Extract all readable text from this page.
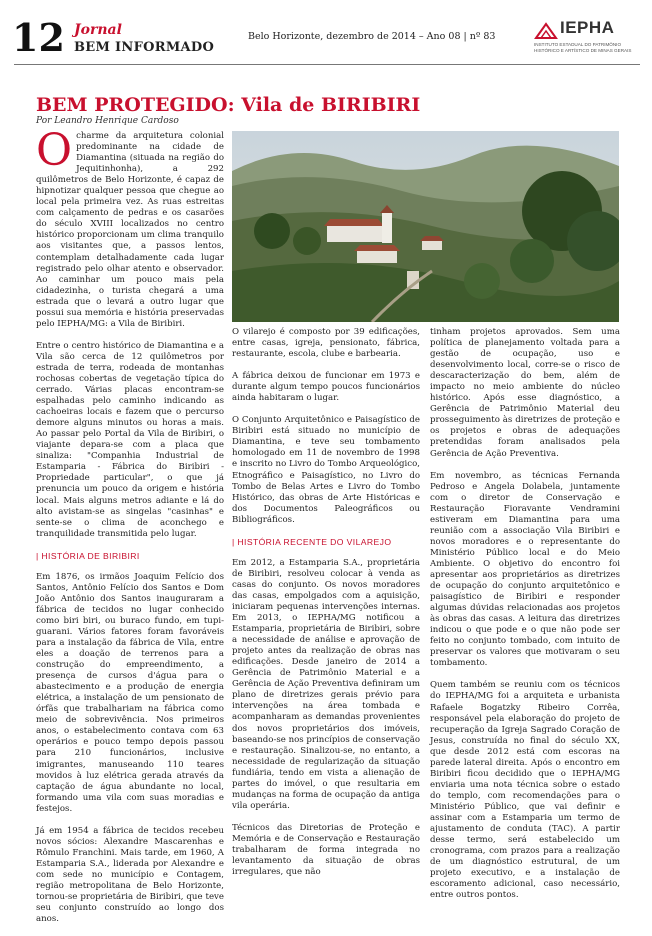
12 Jornal
BEM INFORMADO
Belo Horizonte, dezembro de 2014 – Ano 08 | nº 83	IEPHA
INSTITUTO ESTADUAL DO PATRIMÔNIO HISTÓRICO E ARTÍSTICO DE MINAS GERAIS
BEM PROTEGIDO: Vila de BIRIBIRI
Por Leandro Henrique Cardoso

Ocharme da arquitetura colonial predominante na cidade de Diamantina (situada na região do Jequitinhonha), a 292 quilômetros de Belo Horizonte, é capaz de hipnotizar qualquer pessoa que chegue ao local pela primeira vez. As ruas estreitas com calçamento de pedras e os casarões do século XVIII localizados no centro histórico proporcionam um clima tranquilo aos visitantes que, a passos lentos, contemplam detalhadamente cada lugar registrado pelo olhar atento e observador. Ao caminhar um pouco mais pela cidadezinha, o turista chegará a uma estrada que o levará a outro lugar que possui sua memória e história preservadas pelo IEPHA/MG: a Vila de Biribiri.

Entre o centro histórico de Diamantina e a Vila são cerca de 12 quilômetros por estrada de terra, rodeada de montanhas rochosas cobertas de vegetação típica do cerrado. Várias placas encontram-se espalhadas pelo caminho indicando as cachoeiras locais e fazem que o percurso demore alguns minutos ou horas a mais. Ao passar pelo Portal da Vila de Biribiri, o viajante depara-se com a placa que sinaliza: "Companhia Industrial de Estamparia - Fábrica do Biribiri - Propriedade particular", o que já prenuncia um pouco da origem e história local. Mais alguns metros adiante e lá do alto avistam-se as singelas "casinhas" e sente-se o clima de aconchego e tranquilidade transmitida pelo lugar.

| HISTÓRIA DE BIRIBIRI

Em 1876, os irmãos Joaquim Felício dos Santos, Antônio Felício dos Santos e Dom João Antônio dos Santos inauguraram a fábrica de tecidos no lugar conhecido como biri biri, ou buraco fundo, em tupi-guarani. Vários fatores foram favoráveis para a instalação da fábrica de Vila, entre eles a doação de terrenos para a construção do empreendimento, a presença de cursos d'água para o abastecimento e a produção de energia elétrica, a instalação de um pensionato de órfãs que trabalhariam na fábrica como meio de sobrevivência. Nos primeiros anos, o estabelecimento contava com 63 operários e pouco tempo depois passou para 210 funcionários, inclusive imigrantes, manuseando 110 teares movidos à luz elétrica gerada através da captação de água abundante no local, formando uma vila com suas moradias e festejos.

Já em 1954 a fábrica de tecidos recebeu novos sócios: Alexandre Mascarenhas e Rômulo Franchini. Mais tarde, em 1960, A Estamparia S.A., liderada por Alexandre e com sede no município e Contagem, região metropolitana de Belo Horizonte, tornou-se proprietária de Biribiri, que teve seu conjunto construído ao longo dos anos.

O vilarejo é composto por 39 edificações, entre casas, igreja, pensionato, fábrica, restaurante, escola, clube e barbearia.

A fábrica deixou de funcionar em 1973 e durante algum tempo poucos funcionários ainda habitaram o lugar.

O Conjunto Arquitetônico e Paisagístico de Biribiri está situado no município de Diamantina, e teve seu tombamento homologado em 11 de novembro de 1998 e inscrito no Livro do Tombo Arqueológico, Etnográfico e Paisagístico, no Livro do Tombo de Belas Artes e Livro do Tombo Histórico, das obras de Arte Históricas e dos Documentos Paleográficos ou Bibliográficos.

| HISTÓRIA RECENTE DO VILAREJO

Em 2012, a Estamparia S.A., proprietária de Biribiri, resolveu colocar à venda as casas do conjunto. Os novos moradores das casas, empolgados com a aquisição, iniciaram pequenas intervenções internas. Em 2013, o IEPHA/MG notificou a Estamparia, proprietária de Biribiri, sobre a necessidade de análise e aprovação de projeto antes da realização de obras nas edificações. Desde janeiro de 2014 a Gerência de Patrimônio Material e a Gerência de Ação Preventiva definiram um plano de diretrizes gerais prévio para intervenções na área tombada e acompanharam as demandas provenientes dos novos proprietários dos imóveis, baseando-se nos princípios de conservação e restauração. Sinalizou-se, no entanto, a necessidade de regularização da situação fundiária, tendo em vista a alienação de partes do imóvel, o que resultaria em mudanças na forma de ocupação da antiga vila operária.

Técnicos das Diretorias de Proteção e Memória e de Conservação e Restauração trabalharam de forma integrada no levantamento da situação de obras irregulares, que não

tinham projetos aprovados. Sem uma política de planejamento voltada para a gestão de ocupação, uso e desenvolvimento local, corre-se o risco de descaracterização do bem, além de impacto no meio ambiente do núcleo histórico. Após esse diagnóstico, a Gerência de Patrimônio Material deu prosseguimento às diretrizes de proteção e os projetos e obras de adequações pretendidas foram analisados pela Gerência de Ação Preventiva.

Em novembro, as técnicas Fernanda Pedroso e Angela Dolabela, juntamente com o diretor de Conservação e Restauração Fioravante Vendramini estiveram em Diamantina para uma reunião com a associação Vila Biribiri e novos moradores e o representante do Ministério Público local e do Meio Ambiente. O objetivo do encontro foi apresentar aos proprietários as diretrizes de ocupação do conjunto arquitetônico e paisagístico de Biribiri e responder algumas dúvidas relacionadas aos projetos às obras das casas. A leitura das diretrizes indicou o que pode e o que não pode ser feito no conjunto tombado, com intuito de preservar os valores que motivaram o seu tombamento.

Quem também se reuniu com os técnicos do IEPHA/MG foi a arquiteta e urbanista Rafaele Bogatzky Ribeiro Corrêa, responsável pela elaboração do projeto de recuperação da Igreja Sagrado Coração de Jesus, construída no final do século XX, que desde 2012 está com escoras na parede lateral direita. Após o encontro em Biribiri ficou decidido que o IEPHA/MG enviaria uma nota técnica sobre o estado do templo, com recomendações para o Ministério Público, que vai definir e assinar com a Estamparia um termo de ajustamento de conduta (TAC). A partir desse termo, será estabelecido um cronograma, com prazos para a realização de um diagnóstico estrutural, de um projeto executivo, e a instalação de escoramento adicional, caso necessário, entre outros pontos.
